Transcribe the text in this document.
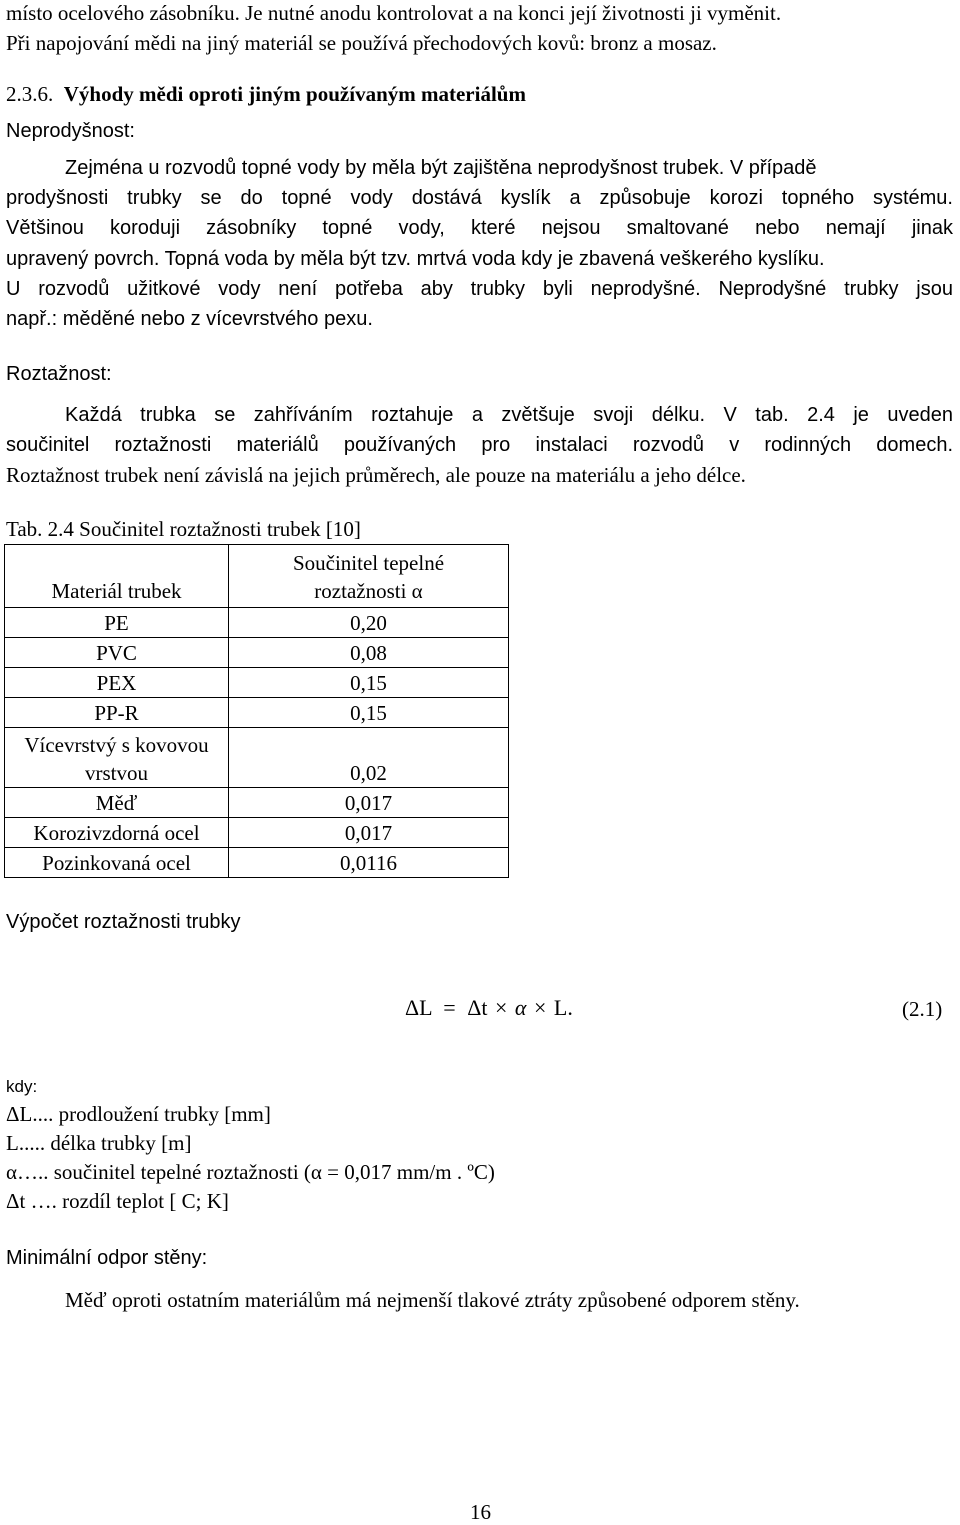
místo ocelového zásobníku. Je nutné anodu kontrolovat a na konci její životnosti ji vyměnit.
Při napojování mědi na jiný materiál se používá přechodových kovů: bronz a mosaz.
2.3.6. Výhody mědi oproti jiným používaným materiálům
Neprodyšnost:
Zejména u rozvodů topné vody by měla být zajištěna neprodyšnost trubek. V případě
prodyšnosti trubky se do topné vody dostává kyslík a způsobuje korozi topného systému.
Většinou koroduji zásobníky topné vody, které nejsou smaltované nebo nemají jinak
upravený povrch. Topná voda by měla být tzv. mrtvá voda kdy je zbavená veškerého kyslíku.
U rozvodů užitkové vody není potřeba aby trubky byli neprodyšné. Neprodyšné trubky jsou
např.: měděné nebo z vícevrstvého pexu.
Roztažnost:
Každá trubka se zahříváním roztahuje a zvětšuje svoji délku. V tab. 2.4 je uveden
součinitel roztažnosti materiálů používaných pro instalaci rozvodů v rodinných domech.
Roztažnost trubek není závislá na jejich průměrech, ale pouze na materiálu a jeho délce.
Tab. 2.4 Součinitel roztažnosti trubek [10]
Materiál trubek	Součinitel tepelné
roztažnosti α
PE	0,20
PVC	0,08
PEX	0,15
PP-R	0,15
Vícevrstvý s kovovou
vrstvou	0,02
Měď	0,017
Korozivzdorná ocel	0,017
Pozinkovaná ocel	0,0116
Výpočet roztažnosti trubky
ΔL = Δt × α × L.	(2.1)
kdy:
ΔL.... prodloužení trubky [mm]
L..... délka trubky [m]
α….. součinitel tepelné roztažnosti (α = 0,017 mm/m . ºC)
Δt …. rozdíl teplot [ C; K]
Minimální odpor stěny:
Měď oproti ostatním materiálům má nejmenší tlakové ztráty způsobené odporem stěny.
16
